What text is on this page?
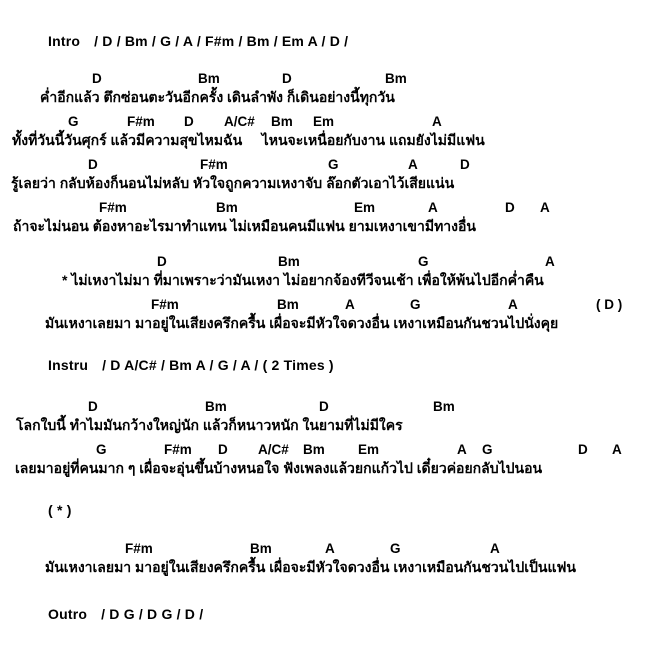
Intro / D / Bm / G / A / F#m / Bm / Em A / D /
D	Bm	D	Bm
ค่ำอีกแล้ว ตึกซ่อนตะวันอีกครั้ง เดินลำพัง ก็เดินอย่างนี้ทุกวัน
G	F#m D A/C# Bm Em	A
ทั้งที่วันนี้วันศุกร์ แล้วมีความสุขไหมฉัน     ไหนจะเหนื่อยกับงาน แถมยังไม่มีแฟน
D	F#m	G	A	D
รู้เลยว่า กลับห้องก็นอนไม่หลับ หัวใจถูกความเหงาจับ ล๊อกตัวเอาไว้เสียแน่น
F#m	Bm	Em	A	D A
ถ้าจะไม่นอน ต้องหาอะไรมาทำแทน ไม่เหมือนคนมีแฟน ยามเหงาเขามีทางอื่น
D	Bm	G	A
* ไม่เหงาไม่มา ที่มาเพราะว่ามันเหงา ไม่อยากจ้องทีวีจนเช้า เพื่อให้พ้นไปอีกค่ำคืน
F#m	Bm	A	G	A	( D )
มันเหงาเลยมา มาอยู่ในเสียงครึกครื้น เผื่อจะมีหัวใจดวงอื่น เหงาเหมือนกันชวนไปนั่งคุย
Instru / D A/C# / Bm A / G / A / ( 2 Times )
D	Bm	D	Bm
โลกใบนี้ ทำไมมันกว้างใหญ่นัก แล้วก็หนาวหนัก ในยามที่ไม่มีใคร
G	F#m D A/C# Bm Em	A G	D A
เลยมาอยู่ที่คนมาก ๆ เผื่อจะอุ่นขึ้นบ้างหนอใจ ฟังเพลงแล้วยกแก้วไป เดี๋ยวค่อยกลับไปนอน
( * )
F#m	Bm	A	G	A
มันเหงาเลยมา มาอยู่ในเสียงครึกครื้น เผื่อจะมีหัวใจดวงอื่น เหงาเหมือนกันชวนไปเป็นแฟน
Outro / D G / D G / D /
